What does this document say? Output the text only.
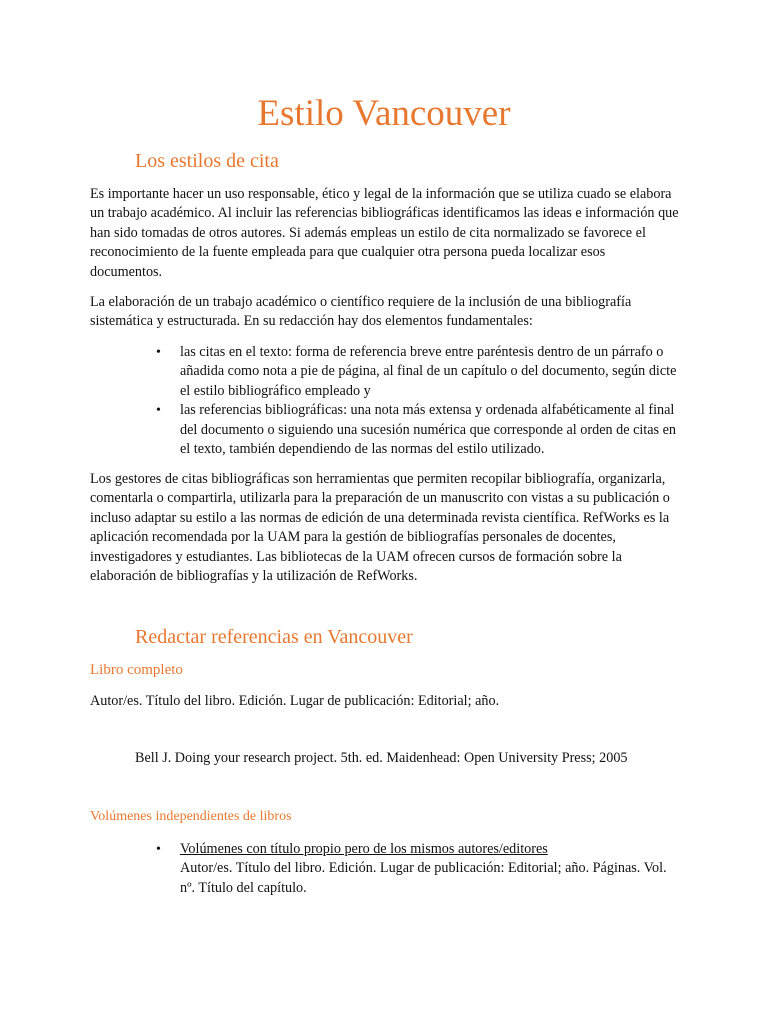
Estilo Vancouver
Los estilos de cita

Es importante hacer un uso responsable, ético y legal de la información que se utiliza cuado se elabora un trabajo académico. Al incluir las referencias bibliográficas identificamos las ideas e información que han sido tomadas de otros autores. Si además empleas un estilo de cita normalizado se favorece el reconocimiento de la fuente empleada para que cualquier otra persona pueda localizar esos documentos.

La elaboración de un trabajo académico o científico requiere de la inclusión de una bibliografía sistemática y estructurada. En su redacción hay dos elementos fundamentales:

• las citas en el texto: forma de referencia breve entre paréntesis dentro de un párrafo o añadida como nota a pie de página, al final de un capítulo o del documento, según dicte el estilo bibliográfico empleado y
• las referencias bibliográficas: una nota más extensa y ordenada alfabéticamente al final del documento o siguiendo una sucesión numérica que corresponde al orden de citas en el texto, también dependiendo de las normas del estilo utilizado.

Los gestores de citas bibliográficas son herramientas que permiten recopilar bibliografía, organizarla, comentarla o compartirla, utilizarla para la preparación de un manuscrito con vistas a su publicación o incluso adaptar su estilo a las normas de edición de una determinada revista científica. RefWorks es la aplicación recomendada por la UAM para la gestión de bibliografías personales de docentes, investigadores y estudiantes. Las bibliotecas de la UAM ofrecen cursos de formación sobre la elaboración de bibliografías y la utilización de RefWorks.

Redactar referencias en Vancouver
Libro completo

Autor/es. Título del libro. Edición. Lugar de publicación: Editorial; año.

Bell J. Doing your research project. 5th. ed. Maidenhead: Open University Press; 2005

Volúmenes independientes de libros
• Volúmenes con título propio pero de los mismos autores/editores
Autor/es. Título del libro. Edición. Lugar de publicación: Editorial; año. Páginas. Vol. nº. Título del capítulo.
